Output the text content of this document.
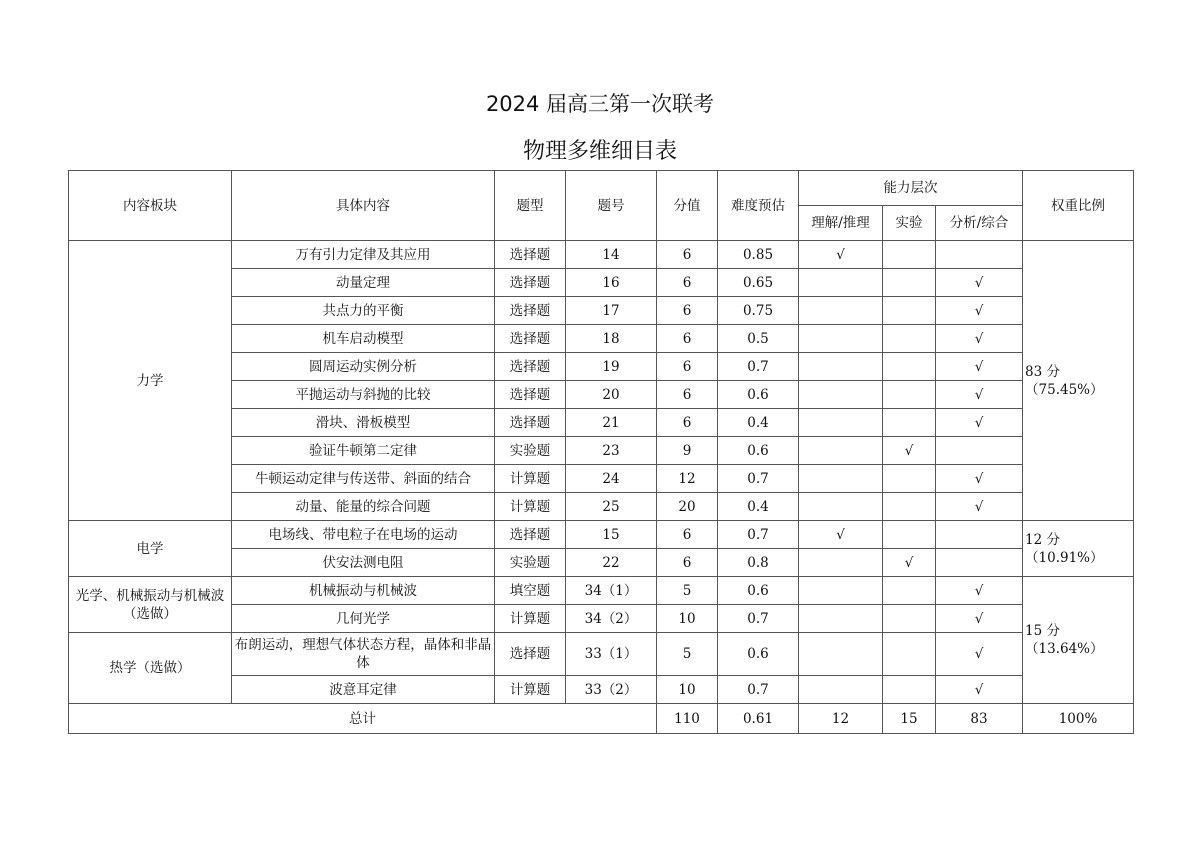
2024 届高三第一次联考
物理多维细目表
内容板块	具体内容	题型	题号	分值	难度预估	能力层次			权重比例
						理解/推理	实验	分析/综合	
力学	万有引力定律及其应用	选择题	14	6	0.85	√			83 分（75.45%）
	动量定理	选择题	16	6	0.65			√	
	共点力的平衡	选择题	17	6	0.75			√	
	机车启动模型	选择题	18	6	0.5			√	
	圆周运动实例分析	选择题	19	6	0.7			√	
	平抛运动与斜抛的比较	选择题	20	6	0.6			√	
	滑块、滑板模型	选择题	21	6	0.4			√	
	验证牛顿第二定律	实验题	23	9	0.6		√		
	牛顿运动定律与传送带、斜面的结合	计算题	24	12	0.7			√	
	动量、能量的综合问题	计算题	25	20	0.4			√	
电学	电场线、带电粒子在电场的运动	选择题	15	6	0.7	√			12 分（10.91%）
	伏安法测电阻	实验题	22	6	0.8		√		
光学、机械振动与机械波（选做）	机械振动与机械波	填空题	34（1）	5	0.6			√	15 分（13.64%）
	几何光学	计算题	34（2）	10	0.7			√	
热学（选做）	布朗运动，理想气体状态方程，晶体和非晶体	选择题	33（1）	5	0.6			√	
	波意耳定律	计算题	33（2）	10	0.7			√	
总计				110	0.61	12	15	83	100%
